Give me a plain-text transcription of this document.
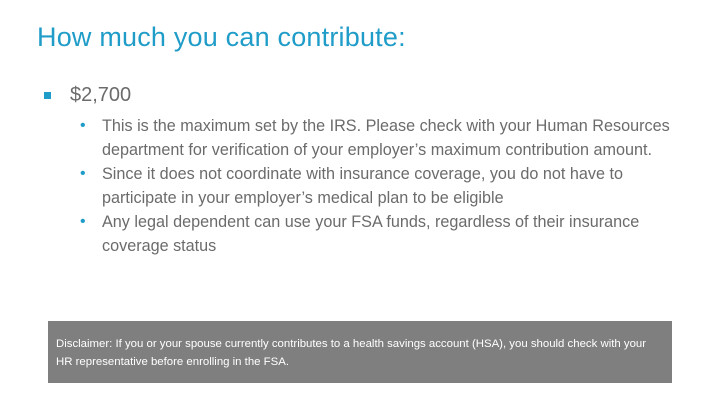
How much you can contribute:
$2,700
• This is the maximum set by the IRS. Please check with your Human Resources department for verification of your employer’s maximum contribution amount.
• Since it does not coordinate with insurance coverage, you do not have to participate in your employer’s medical plan to be eligible
• Any legal dependent can use your FSA funds, regardless of their insurance coverage status

Disclaimer: If you or your spouse currently contributes to a health savings account (HSA), you should check with your HR representative before enrolling in the FSA.
